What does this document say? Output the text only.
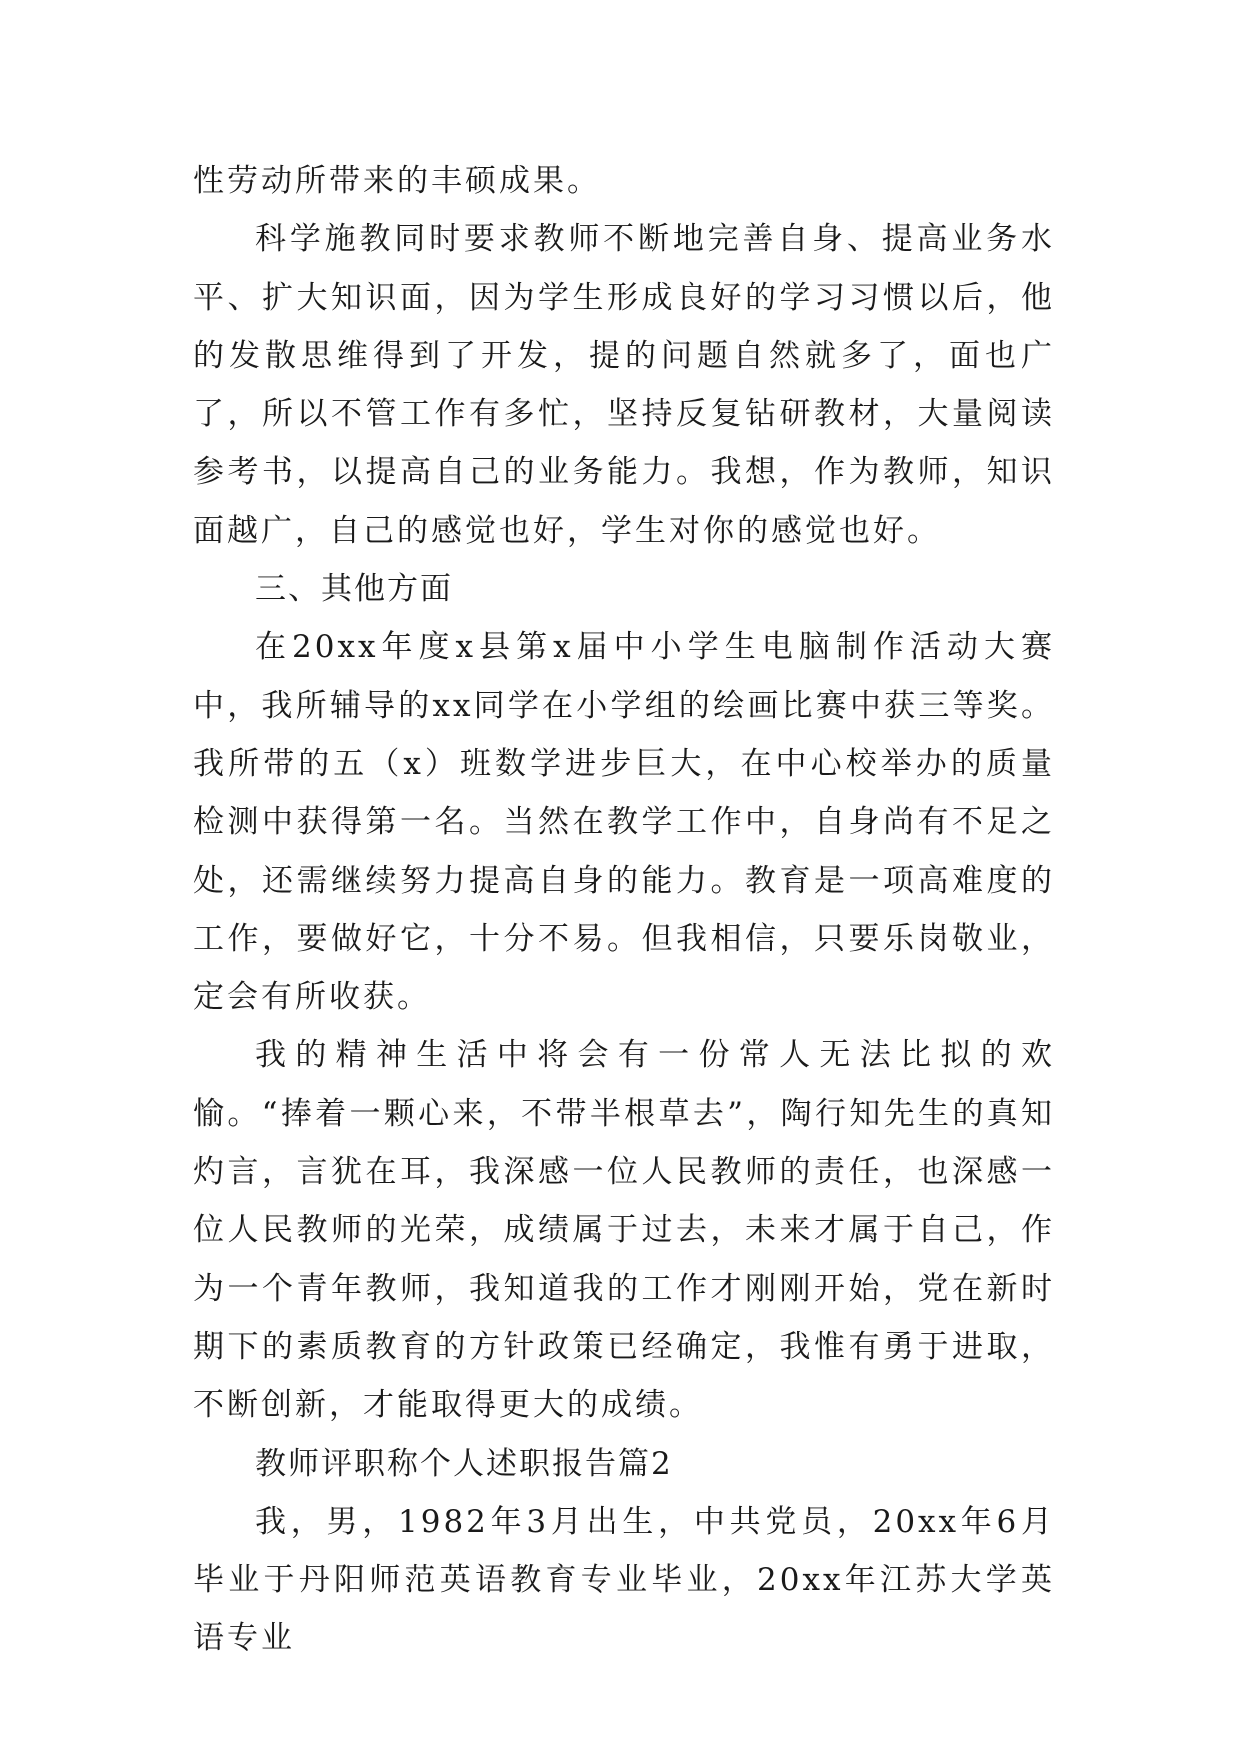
性劳动所带来的丰硕成果。

科学施教同时要求教师不断地完善自身、提高业务水平、扩大知识面，因为学生形成良好的学习习惯以后，他的发散思维得到了开发，提的问题自然就多了，面也广了，所以不管工作有多忙，坚持反复钻研教材，大量阅读参考书，以提高自己的业务能力。我想，作为教师，知识面越广，自己的感觉也好，学生对你的感觉也好。

三、其他方面

在20xx年度x县第x届中小学生电脑制作活动大赛中，我所辅导的xx同学在小学组的绘画比赛中获三等奖。我所带的五（x）班数学进步巨大，在中心校举办的质量检测中获得第一名。当然在教学工作中，自身尚有不足之处，还需继续努力提高自身的能力。教育是一项高难度的工作，要做好它，十分不易。但我相信，只要乐岗敬业，定会有所收获。

我的精神生活中将会有一份常人无法比拟的欢愉。“捧着一颗心来，不带半根草去”，陶行知先生的真知灼言，言犹在耳，我深感一位人民教师的责任，也深感一位人民教师的光荣，成绩属于过去，未来才属于自己，作为一个青年教师，我知道我的工作才刚刚开始，党在新时期下的素质教育的方针政策已经确定，我惟有勇于进取，不断创新，才能取得更大的成绩。

教师评职称个人述职报告篇2

我，男，1982年3月出生，中共党员，20xx年6月毕业于丹阳师范英语教育专业毕业，20xx年江苏大学英语专业
